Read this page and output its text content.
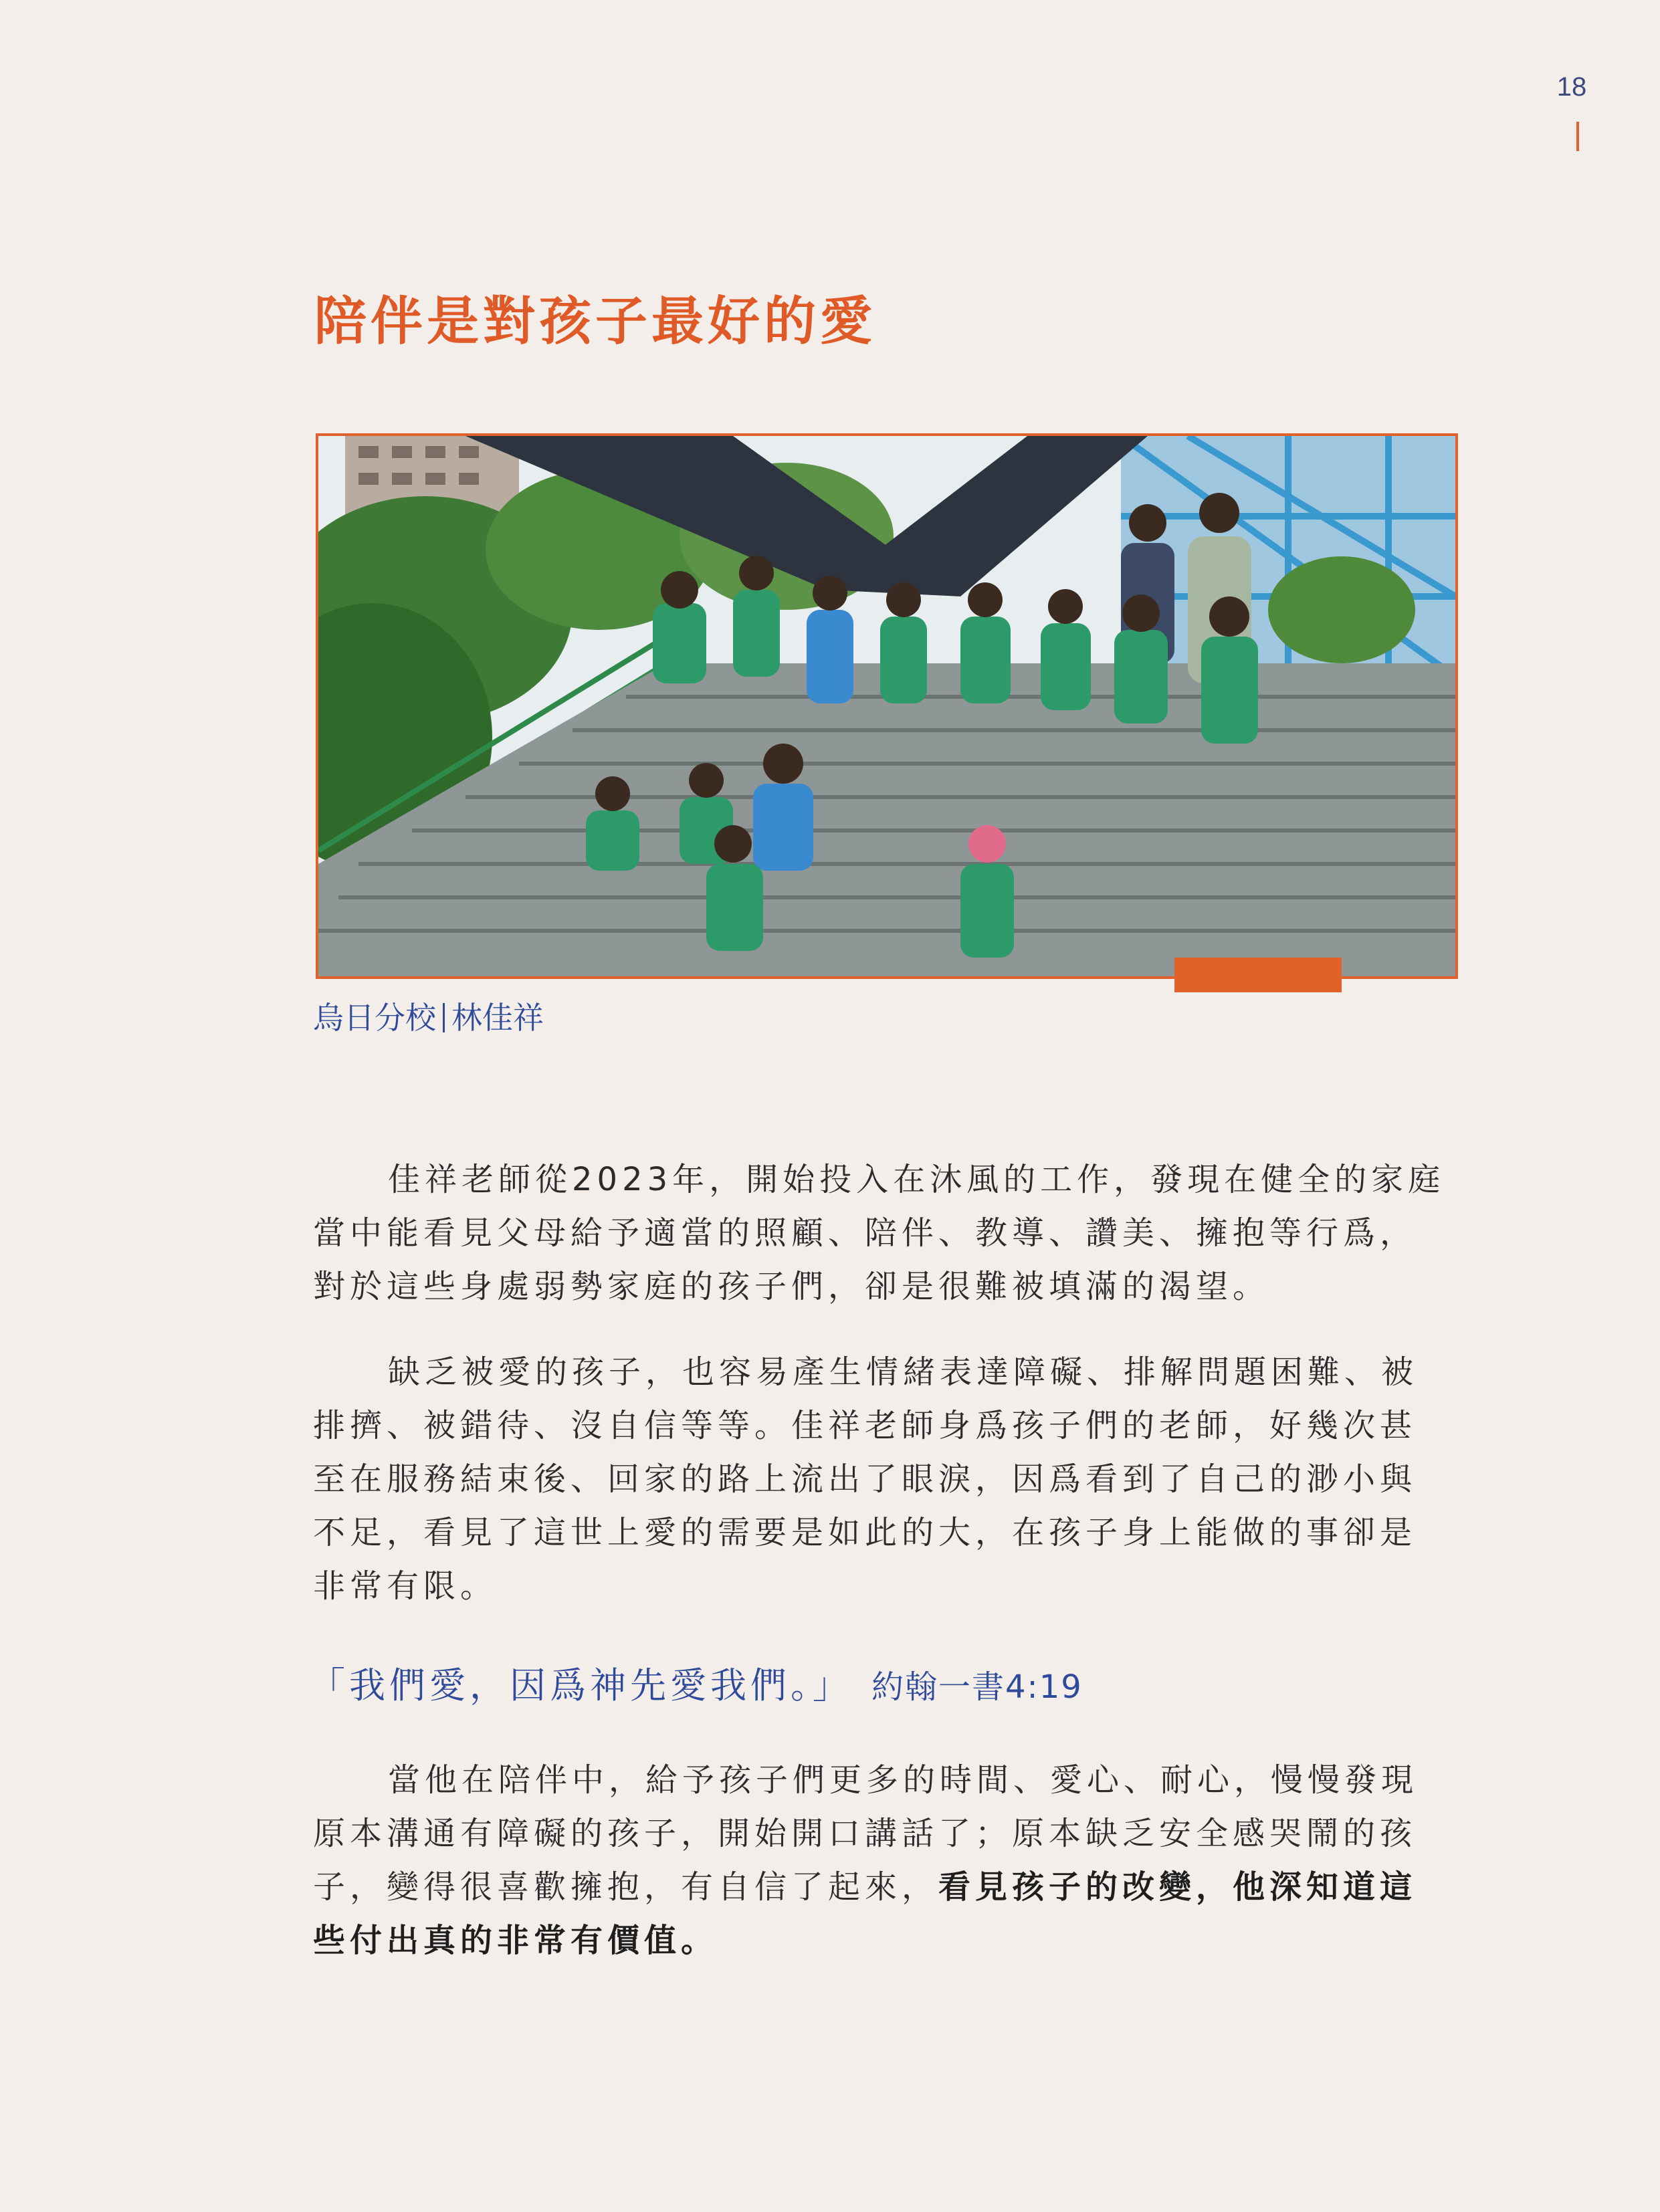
18
陪伴是對孩子最好的愛
烏日分校 林佳祥
佳祥老師從2023年，開始投入在沐風的工作，發現在健全的家庭
當中能看見父母給予適當的照顧、陪伴、教導、讚美、擁抱等行爲，
對於這些身處弱勢家庭的孩子們，卻是很難被填滿的渴望。
缺乏被愛的孩子，也容易產生情緒表達障礙、排解問題困難、被
排擠、被錯待、沒自信等等。佳祥老師身爲孩子們的老師，好幾次甚
至在服務結束後、回家的路上流出了眼淚，因爲看到了自己的渺小與
不足，看見了這世上愛的需要是如此的大，在孩子身上能做的事卻是
非常有限。
「我們愛，因爲神先愛我們。」 約翰一書4:19
當他在陪伴中，給予孩子們更多的時間、愛心、耐心，慢慢發現
原本溝通有障礙的孩子，開始開口講話了；原本缺乏安全感哭鬧的孩
子，變得很喜歡擁抱，有自信了起來，看見孩子的改變，他深知道這
些付出真的非常有價值。
